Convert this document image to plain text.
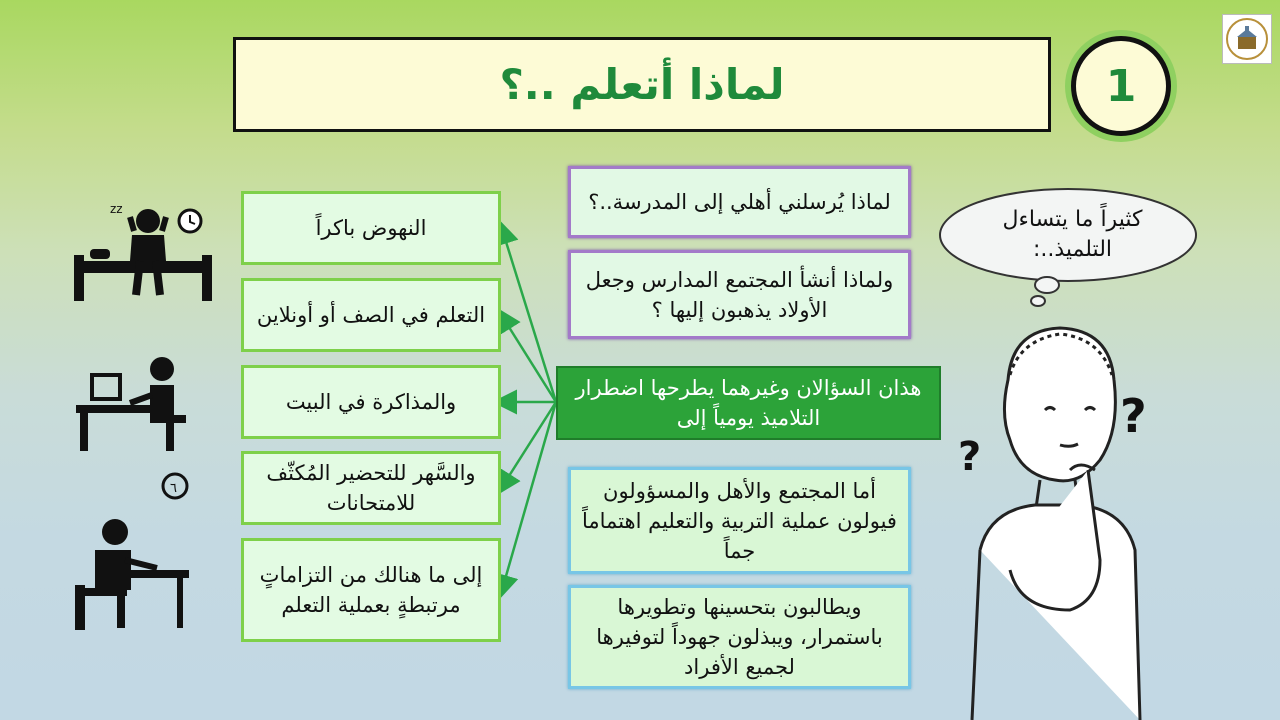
لماذا أتعلم ..؟	1
النهوض باكراً
التعلم في الصف أو أونلاين
والمذاكرة في البيت
والسَّهر للتحضير المُكثّف للامتحانات
إلى ما هنالك من التزاماتٍ مرتبطةٍ بعملية التعلم
لماذا يُرسلني أهلي إلى المدرسة..؟
ولماذا أنشأ المجتمع المدارس وجعل الأولاد يذهبون إليها ؟
هذان السؤالان وغيرهما يطرحها اضطرار التلاميذ يومياً إلى
أما المجتمع والأهل والمسؤولون فيولون عملية التربية والتعليم اهتماماً جماً
ويطالبون بتحسينها وتطويرها باستمرار، ويبذلون جهوداً لتوفيرها لجميع الأفراد
كثيراً ما يتساءل التلميذ..:
zz
٦
?
?
